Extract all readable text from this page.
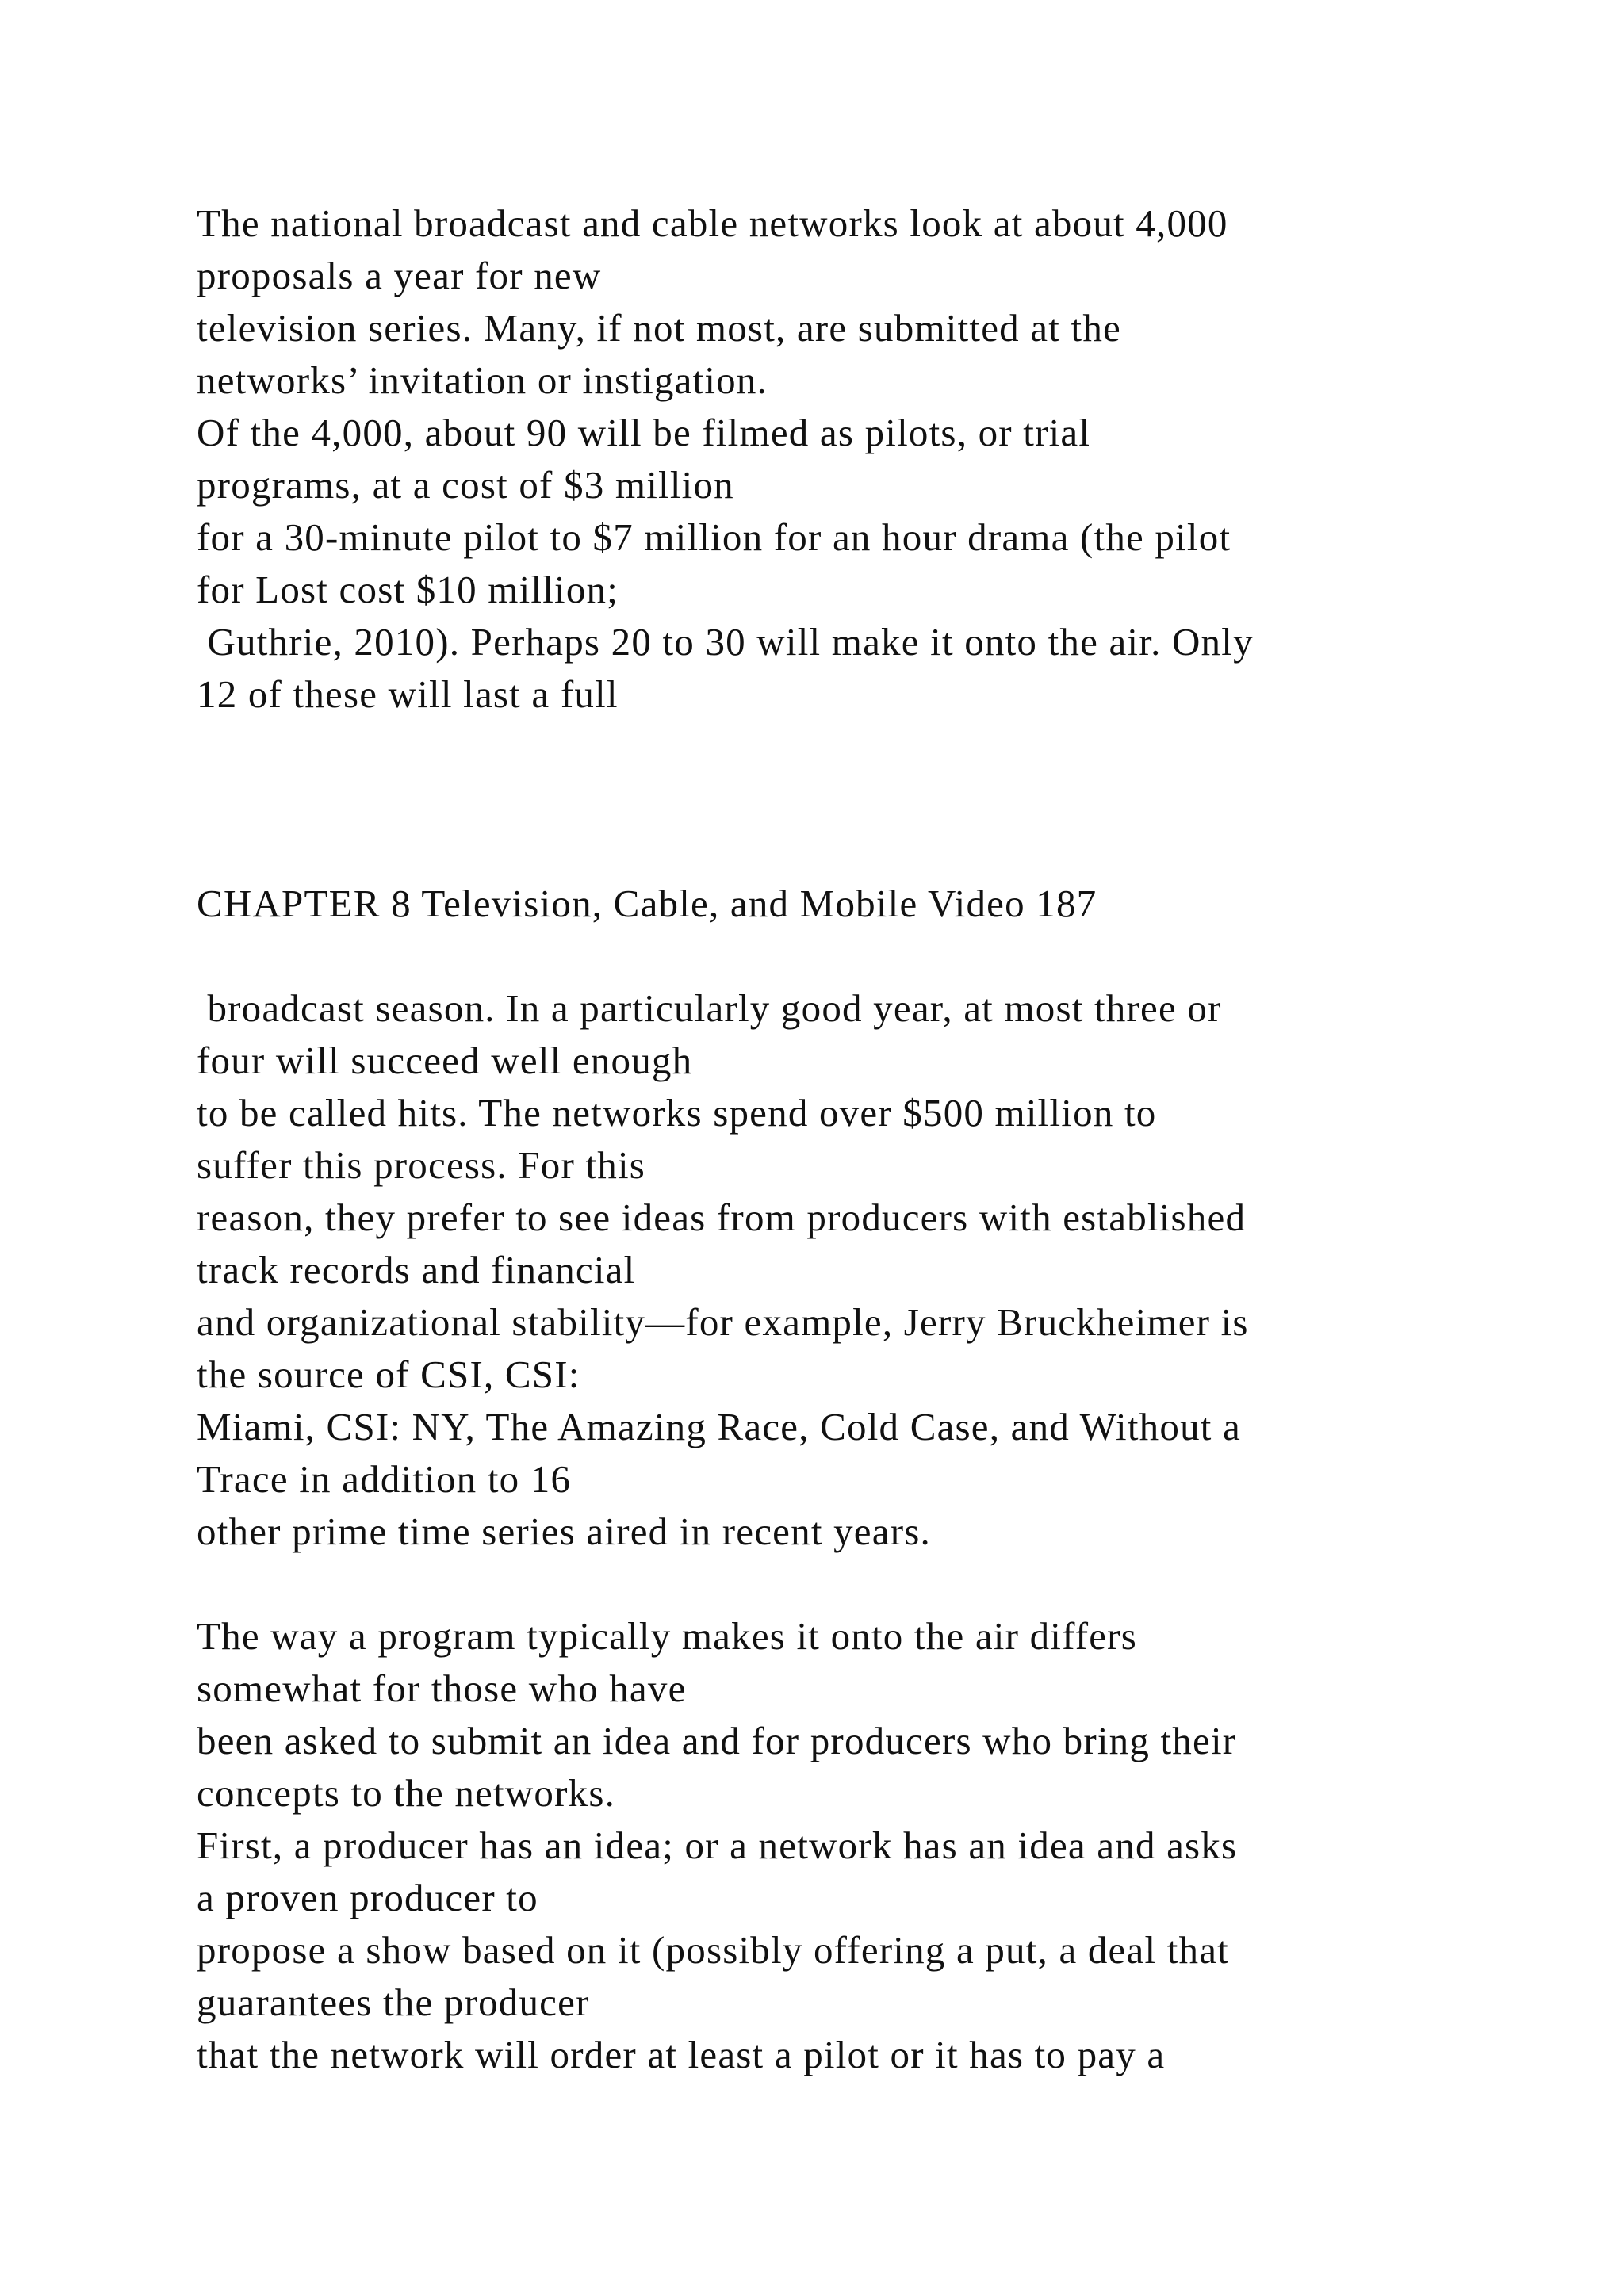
The national broadcast and cable networks look at about 4,000
proposals a year for new
television series. Many, if not most, are submitted at the
networks’ invitation or instigation.
Of the 4,000, about 90 will be filmed as pilots, or trial
programs, at a cost of $3 million
for a 30-minute pilot to $7 million for an hour drama (the pilot
for Lost cost $10 million;
Guthrie, 2010). Perhaps 20 to 30 will make it onto the air. Only
12 of these will last a full
CHAPTER 8 Television, Cable, and Mobile Video 187
broadcast season. In a particularly good year, at most three or
four will succeed well enough
to be called hits. The networks spend over $500 million to
suffer this process. For this
reason, they prefer to see ideas from producers with established
track records and financial
and organizational stability—for example, Jerry Bruckheimer is
the source of CSI, CSI:
Miami, CSI: NY, The Amazing Race, Cold Case, and Without a
Trace in addition to 16
other prime time series aired in recent years.
The way a program typically makes it onto the air differs
somewhat for those who have
been asked to submit an idea and for producers who bring their
concepts to the networks.
First, a producer has an idea; or a network has an idea and asks
a proven producer to
propose a show based on it (possibly offering a put, a deal that
guarantees the producer
that the network will order at least a pilot or it has to pay a
